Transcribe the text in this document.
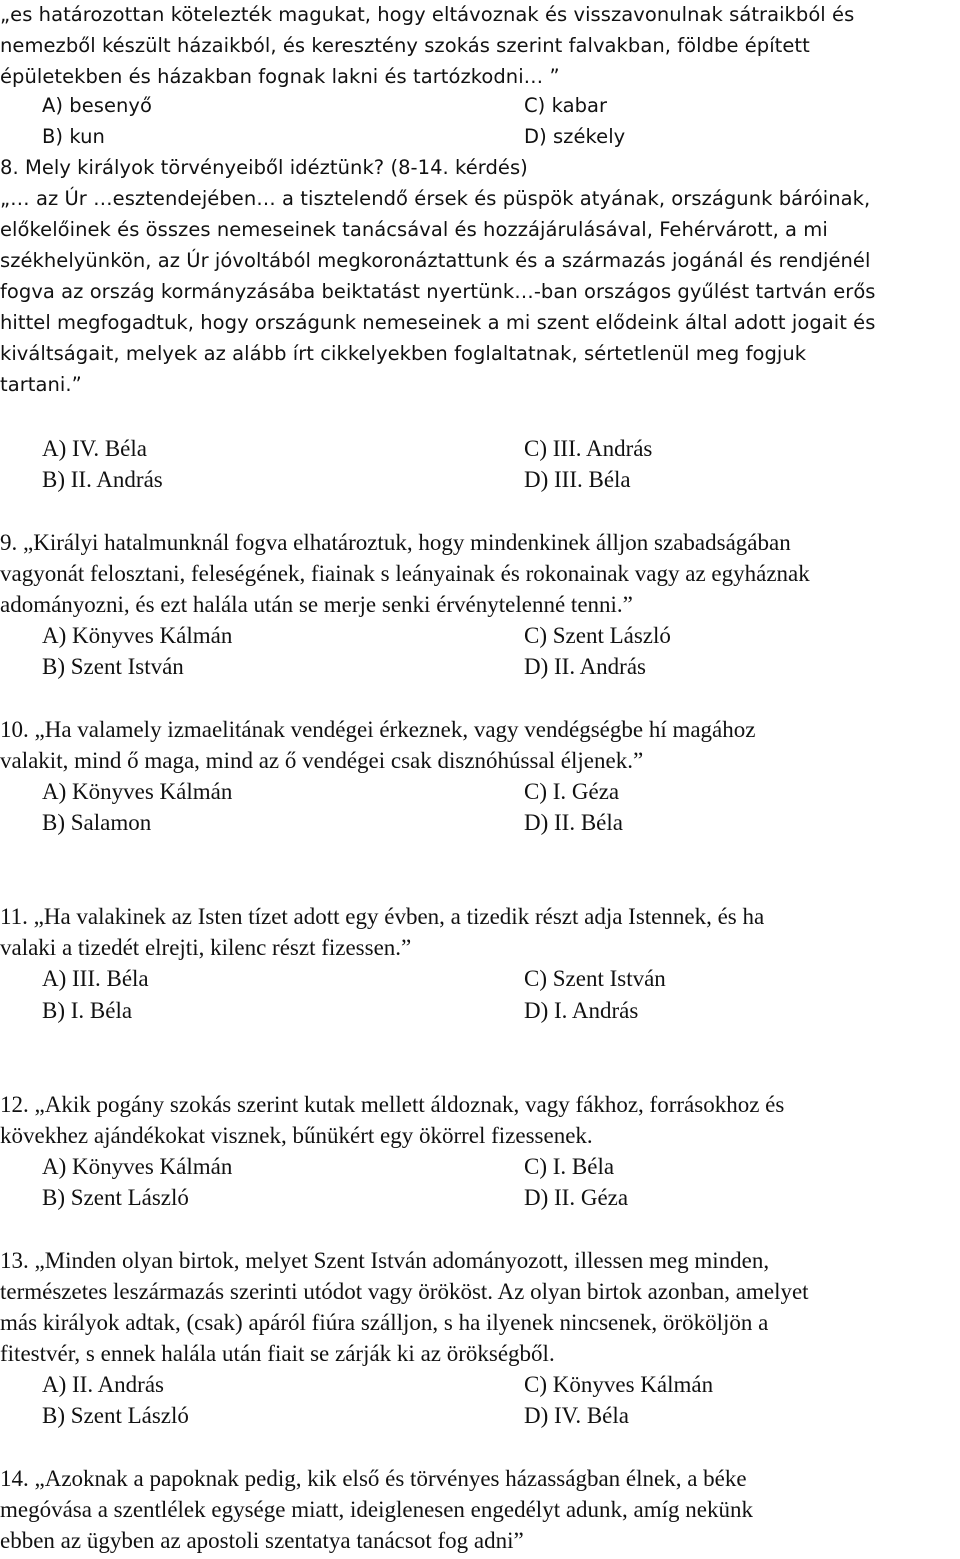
„es határozottan kötelezték magukat, hogy eltávoznak és visszavonulnak sátraikból és
nemezből készült házaikból, és keresztény szokás szerint falvakban, földbe épített
épületekben és házakban fognak lakni és tartózkodni… ”
A) besenyő	C) kabar
B) kun	D) székely
8. Mely királyok törvényeiből idéztünk? (8-14. kérdés)
„… az Úr …esztendejében… a tisztelendő érsek és püspök atyának, országunk báróinak,
előkelőinek és összes nemeseinek tanácsával és hozzájárulásával, Fehérvárott, a mi
székhelyünkön, az Úr jóvoltából megkoronáztattunk és a származás jogánál és rendjénél
fogva az ország kormányzásába beiktatást nyertünk…-ban országos gyűlést tartván erős
hittel megfogadtuk, hogy országunk nemeseinek a mi szent elődeink által adott jogait és
kiváltságait, melyek az alább írt cikkelyekben foglaltatnak, sértetlenül meg fogjuk
tartani.”
A) IV. Béla	C) III. András
B) II. András	D) III. Béla
9. „Királyi hatalmunknál fogva elhatároztuk, hogy mindenkinek álljon szabadságában
vagyonát felosztani, feleségének, fiainak s leányainak és rokonainak vagy az egyháznak
adományozni, és ezt halála után se merje senki érvénytelenné tenni.”
A) Könyves Kálmán	C) Szent László
B) Szent István	D) II. András
10. „Ha valamely izmaelitának vendégei érkeznek, vagy vendégségbe hí magához
valakit, mind ő maga, mind az ő vendégei csak disznóhússal éljenek.”
A) Könyves Kálmán	C) I. Géza
B) Salamon	D) II. Béla
11. „Ha valakinek az Isten tízet adott egy évben, a tizedik részt adja Istennek, és ha
valaki a tizedét elrejti, kilenc részt fizessen.”
A) III. Béla	C) Szent István
B) I. Béla	D) I. András
12. „Akik pogány szokás szerint kutak mellett áldoznak, vagy fákhoz, forrásokhoz és
kövekhez ajándékokat visznek, bűnükért egy ökörrel fizessenek.
A) Könyves Kálmán	C) I. Béla
B) Szent László	D) II. Géza
13. „Minden olyan birtok, melyet Szent István adományozott, illessen meg minden,
természetes leszármazás szerinti utódot vagy örököst. Az olyan birtok azonban, amelyet
más királyok adtak, (csak) apáról fiúra szálljon, s ha ilyenek nincsenek, örököljön a
fitestvér, s ennek halála után fiait se zárják ki az örökségből.
A) II. András	C) Könyves Kálmán
B) Szent László	D) IV. Béla
14. „Azoknak a papoknak pedig, kik első és törvényes házasságban élnek, a béke
megóvása a szentlélek egysége miatt, ideiglenesen engedélyt adunk, amíg nekünk
ebben az ügyben az apostoli szentatya tanácsot fog adni”
